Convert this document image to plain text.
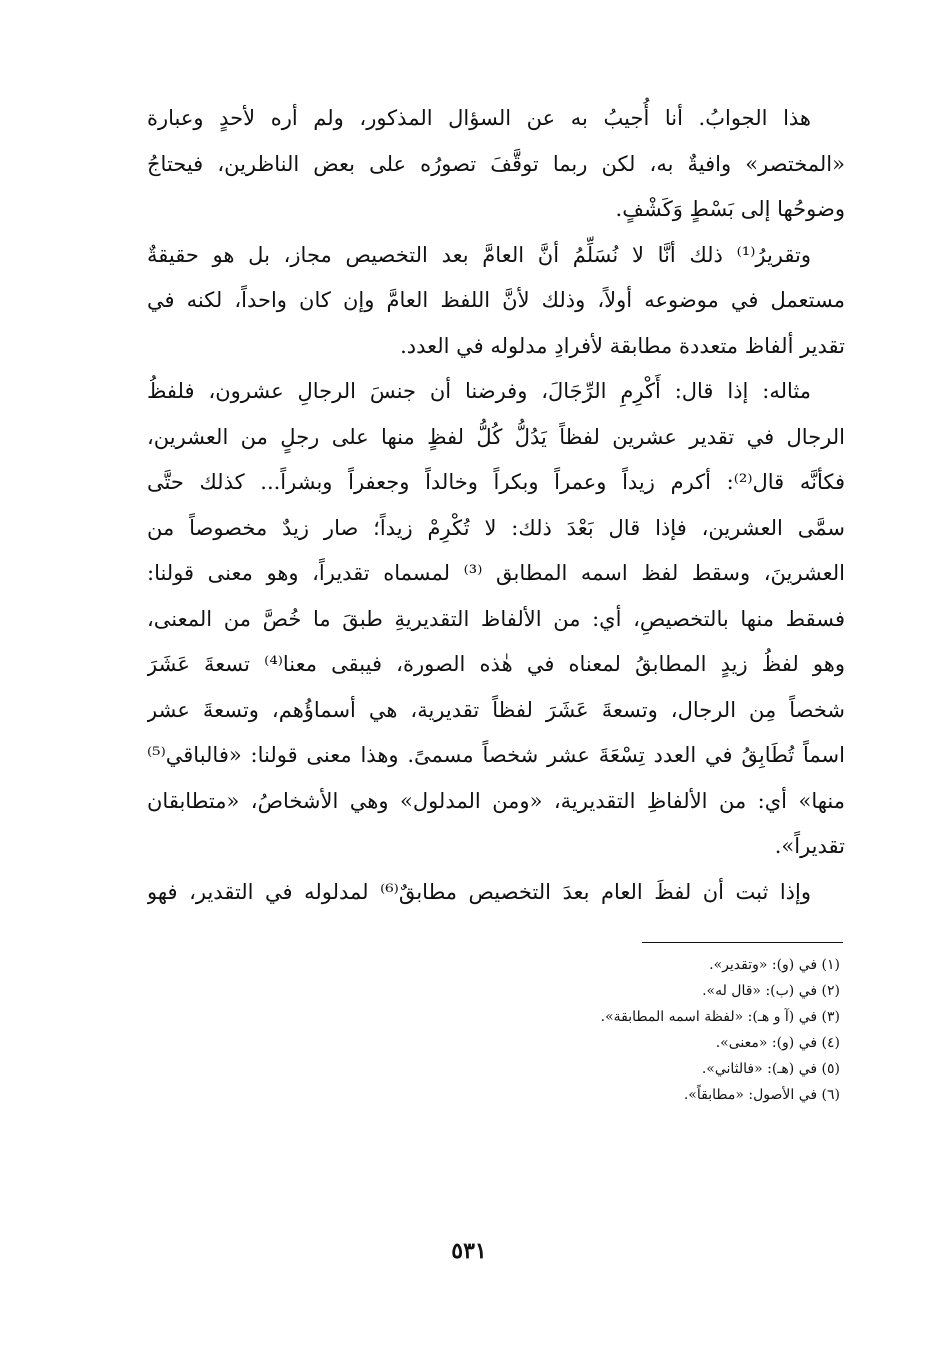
هذا الجوابُ. أنا أُجيبُ به عن السؤال المذكور، ولم أره لأحدٍ وعبارة
«المختصر» وافيةٌ به، لكن ربما توقَّفَ تصورُه على بعض الناظرين، فيحتاجُ
وضوحُها إلى بَسْطٍ وَكَشْفٍ.
وتقريرُ⁽¹⁾ ذلك أنَّا لا نُسَلِّمُ أنَّ العامَّ بعد التخصيص مجاز، بل هو حقيقةٌ
مستعمل في موضوعه أولاً، وذلك لأنَّ اللفظ العامَّ وإن كان واحداً، لكنه في
تقدير ألفاظ متعددة مطابقة لأفرادِ مدلوله في العدد.
مثاله: إذا قال: أَكْرِمِ الرِّجَالَ، وفرضنا أن جنسَ الرجالِ عشرون، فلفظُ
الرجال في تقدير عشرين لفظاً يَدُلُّ كُلُّ لفظٍ منها على رجلٍ من العشرين،
فكأنَّه قال⁽²⁾: أكرم زيداً وعمراً وبكراً وخالداً وجعفراً وبشراً... كذلك حتَّى
سمَّى العشرين، فإذا قال بَعْدَ ذلك: لا تُكْرِمْ زيداً؛ صار زيدٌ مخصوصاً من
العشرينَ، وسقط لفظ اسمه المطابق ⁽³⁾ لمسماه تقديراً، وهو معنى قولنا:
فسقط منها بالتخصيصِ، أي: من الألفاظ التقديريةِ طبقَ ما خُصَّ من المعنى،
وهو لفظُ زيدٍ المطابقُ لمعناه في هٰذه الصورة، فيبقى معنا⁽⁴⁾ تسعةَ عَشَرَ
شخصاً مِن الرجال، وتسعةَ عَشَرَ لفظاً تقديرية، هي أسماؤُهم، وتسعةَ عشر
اسماً تُطَابِقُ في العدد تِسْعَةَ عشر شخصاً مسمىً. وهذا معنى قولنا: «فالباقي⁽⁵⁾
منها» أي: من الألفاظِ التقديرية، «ومن المدلول» وهي الأشخاصُ، «متطابقان
تقديراً».
وإذا ثبت أن لفظَ العام بعدَ التخصيص مطابقٌ⁽⁶⁾ لمدلوله في التقدير، فهو
(١) في (و): «وتقدير».
(٢) في (ب): «قال له».
(٣) في (آ و هـ): «لفظة اسمه المطابقة».
(٤) في (و): «معنى».
(٥) في (هـ): «فالثاني».
(٦) في الأصول: «مطابقاً».
٥٣١
